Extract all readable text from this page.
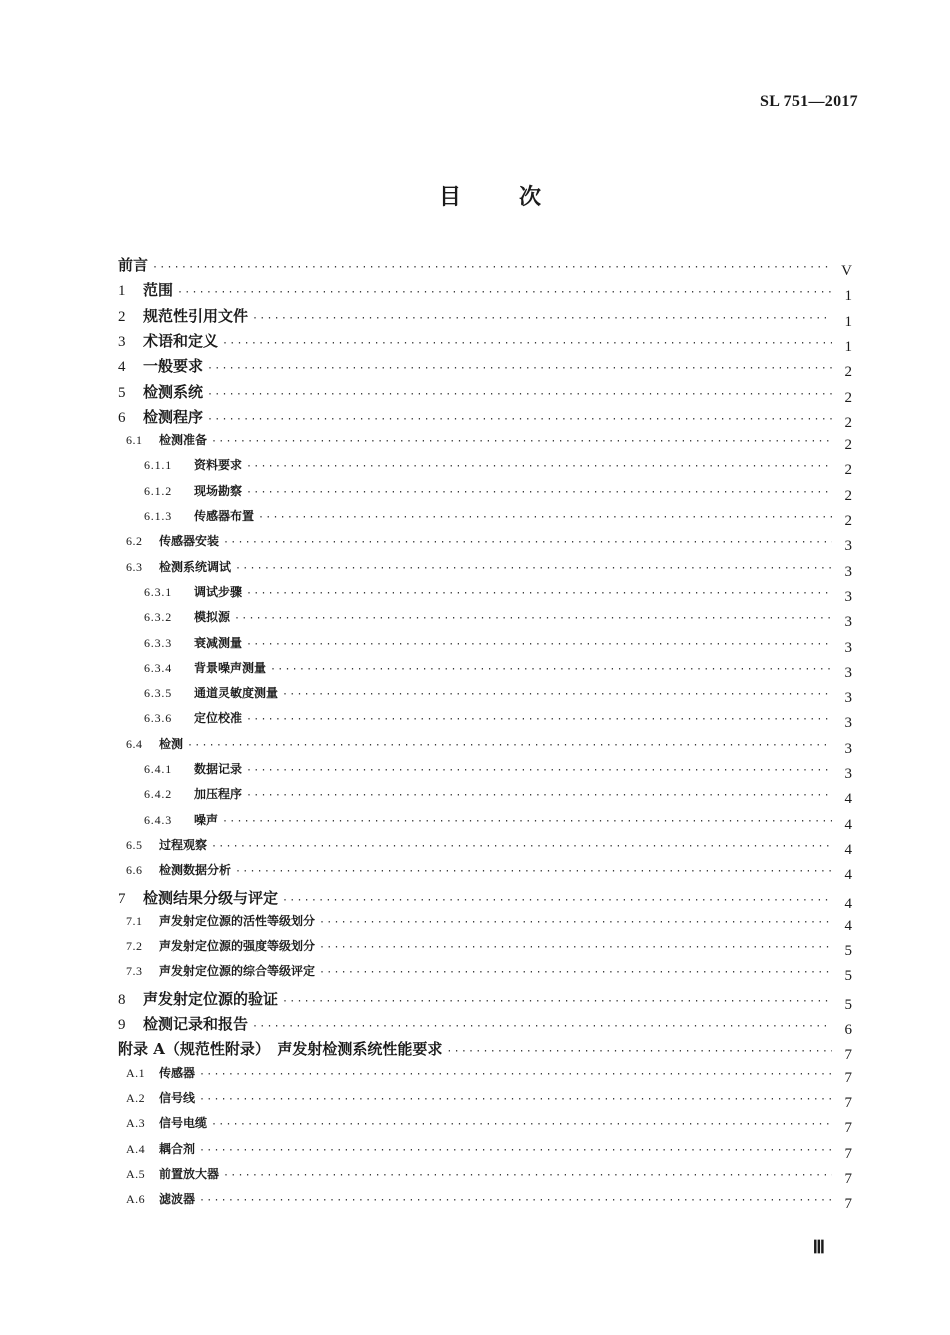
SL 751—2017
目	次
前言 ·····	V
1 范围 ·····	1
2 规范性引用文件 ·····	1
3 术语和定义 ·····	1
4 一般要求 ·····	2
5 检测系统 ·····	2
6 检测程序 ·····	2
6.1 检测准备 ·····	2
6.1.1 资料要求 ·····	2
6.1.2 现场勘察 ·····	2
6.1.3 传感器布置 ·····	2
6.2 传感器安装 ·····	3
6.3 检测系统调试 ·····	3
6.3.1 调试步骤 ·····	3
6.3.2 模拟源 ·····	3
6.3.3 衰减测量 ·····	3
6.3.4 背景噪声测量 ·····	3
6.3.5 通道灵敏度测量 ·····	3
6.3.6 定位校准 ·····	3
6.4 检测 ·····	3
6.4.1 数据记录 ·····	3
6.4.2 加压程序 ·····	4
6.4.3 噪声 ·····	4
6.5 过程观察 ·····	4
6.6 检测数据分析 ·····	4
7 检测结果分级与评定 ·····	4
7.1 声发射定位源的活性等级划分 ·····	4
7.2 声发射定位源的强度等级划分 ·····	5
7.3 声发射定位源的综合等级评定 ·····	5
8 声发射定位源的验证 ·····	5
9 检测记录和报告 ·····	6
附录 A（规范性附录）　声发射检测系统性能要求 ·····	7
A.1 传感器 ·····	7
A.2 信号线 ·····	7
A.3 信号电缆 ·····	7
A.4 耦合剂 ·····	7
A.5 前置放大器 ·····	7
A.6 滤波器 ·····	7
Ⅲ
